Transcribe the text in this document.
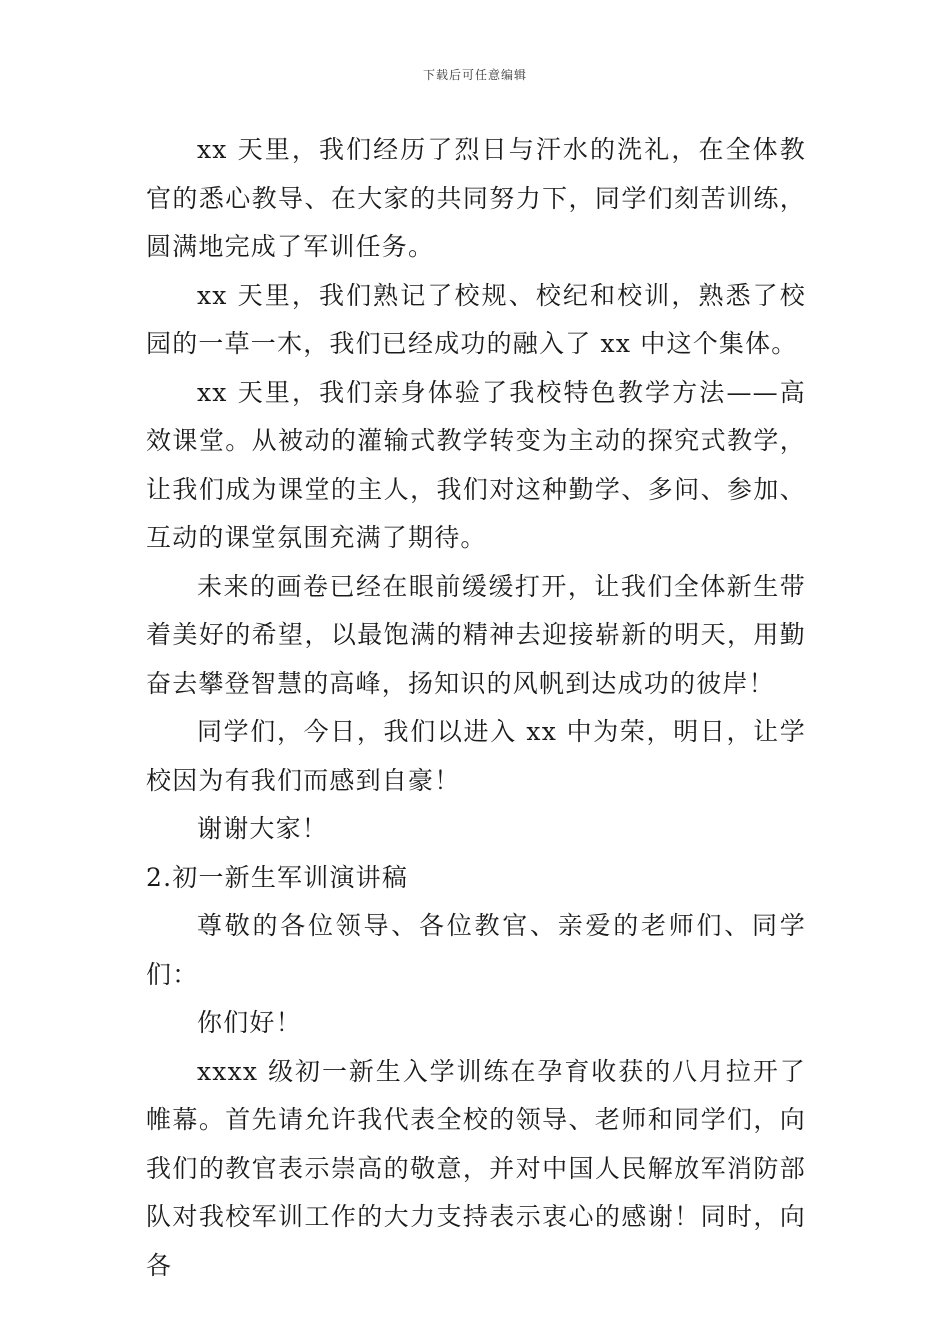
下载后可任意编辑

xx 天里，我们经历了烈日与汗水的洗礼，在全体教官的悉心教导、在大家的共同努力下，同学们刻苦训练，圆满地完成了军训任务。

xx 天里，我们熟记了校规、校纪和校训，熟悉了校园的一草一木，我们已经成功的融入了 xx 中这个集体。

xx 天里，我们亲身体验了我校特色教学方法——高效课堂。从被动的灌输式教学转变为主动的探究式教学，让我们成为课堂的主人，我们对这种勤学、多问、参加、互动的课堂氛围充满了期待。

未来的画卷已经在眼前缓缓打开，让我们全体新生带着美好的希望，以最饱满的精神去迎接崭新的明天，用勤奋去攀登智慧的高峰，扬知识的风帆到达成功的彼岸！

同学们，今日，我们以进入 xx 中为荣，明日，让学校因为有我们而感到自豪！

谢谢大家！

2.初一新生军训演讲稿

尊敬的各位领导、各位教官、亲爱的老师们、同学们：

你们好！

xxxx 级初一新生入学训练在孕育收获的八月拉开了帷幕。首先请允许我代表全校的领导、老师和同学们，向我们的教官表示崇高的敬意，并对中国人民解放军消防部队对我校军训工作的大力支持表示衷心的感谢！同时，向各
